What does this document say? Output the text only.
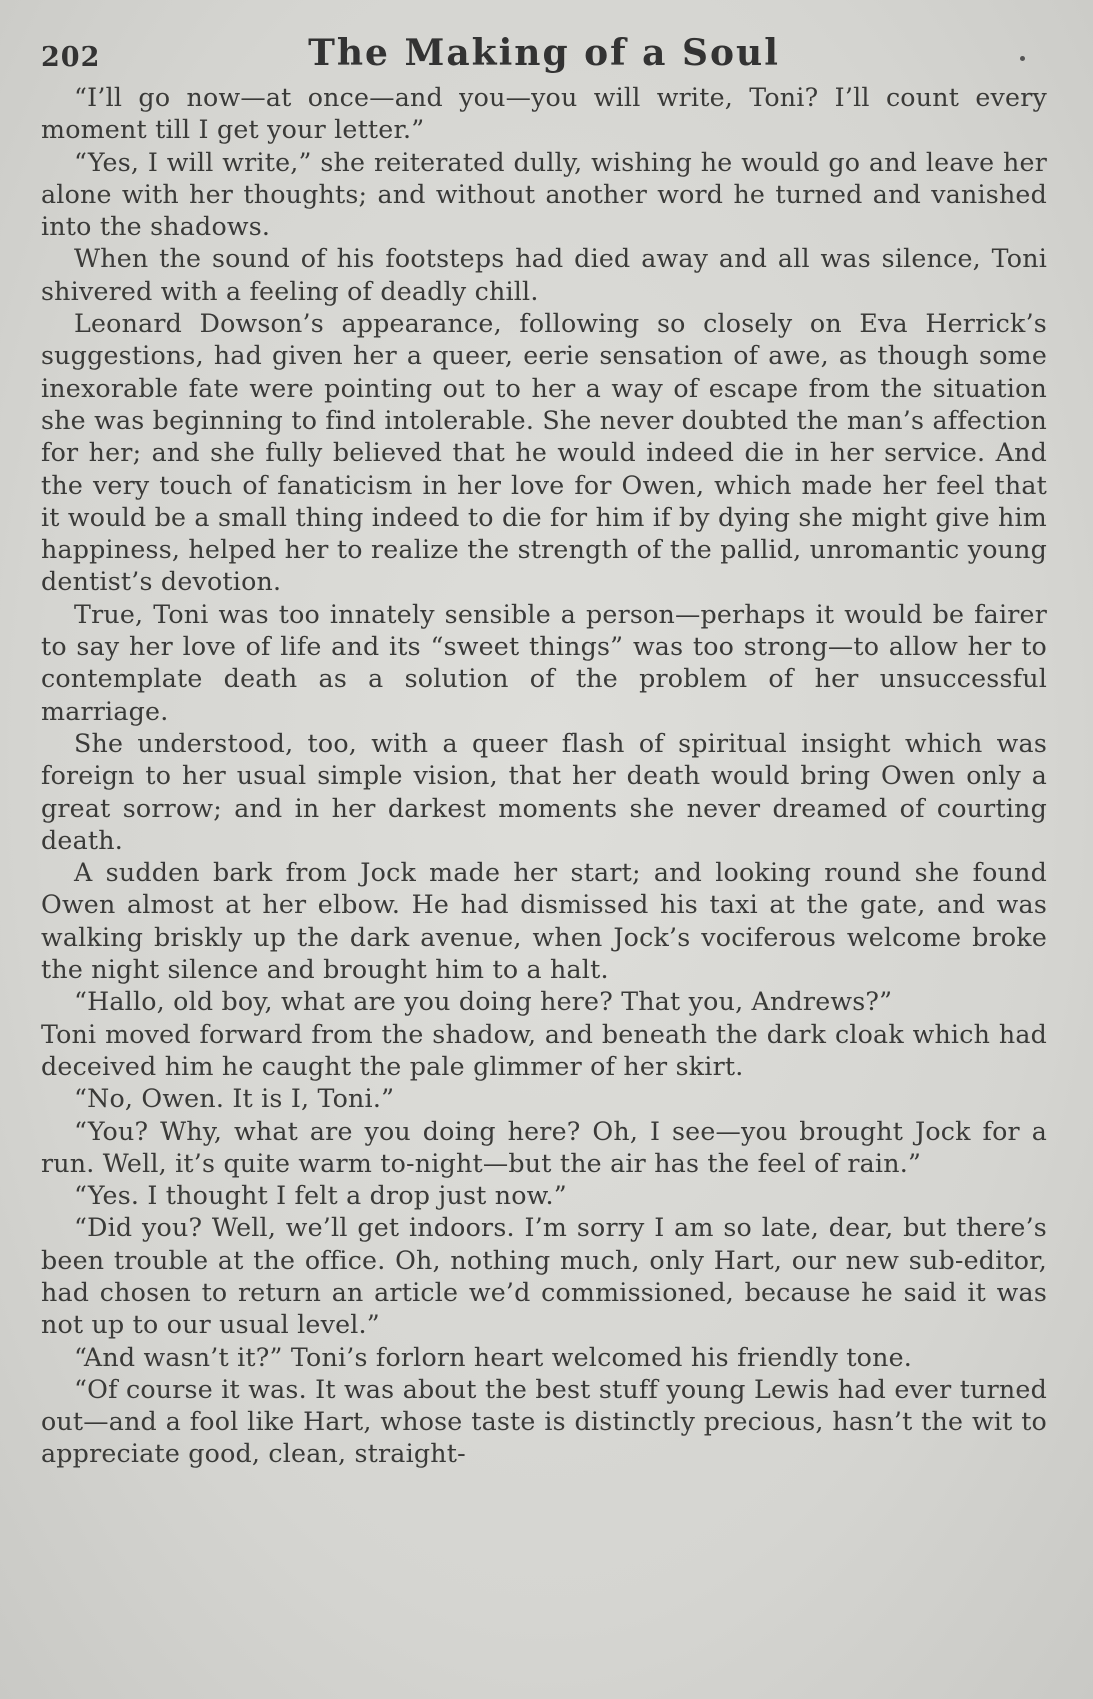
202	The Making of a Soul

“I’ll go now—at once—and you—you will write, Toni? I’ll count every moment till I get your letter.”

“Yes, I will write,” she reiterated dully, wishing he would go and leave her alone with her thoughts; and without another word he turned and vanished into the shadows.

When the sound of his footsteps had died away and all was silence, Toni shivered with a feeling of deadly chill.

Leonard Dowson’s appearance, following so closely on Eva Herrick’s suggestions, had given her a queer, eerie sensation of awe, as though some inexorable fate were pointing out to her a way of escape from the situation she was beginning to find intolerable. She never doubted the man’s affection for her; and she fully believed that he would indeed die in her service. And the very touch of fanaticism in her love for Owen, which made her feel that it would be a small thing indeed to die for him if by dying she might give him happiness, helped her to realize the strength of the pallid, unromantic young dentist’s devotion.

True, Toni was too innately sensible a person—perhaps it would be fairer to say her love of life and its “sweet things” was too strong—to allow her to contemplate death as a solution of the problem of her unsuccessful marriage.

She understood, too, with a queer flash of spiritual insight which was foreign to her usual simple vision, that her death would bring Owen only a great sorrow; and in her darkest moments she never dreamed of courting death.

A sudden bark from Jock made her start; and looking round she found Owen almost at her elbow. He had dismissed his taxi at the gate, and was walking briskly up the dark avenue, when Jock’s vociferous welcome broke the night silence and brought him to a halt.

“Hallo, old boy, what are you doing here? That you, Andrews?”

Toni moved forward from the shadow, and beneath the dark cloak which had deceived him he caught the pale glimmer of her skirt.

“No, Owen. It is I, Toni.”

“You? Why, what are you doing here? Oh, I see—you brought Jock for a run. Well, it’s quite warm to-night—but the air has the feel of rain.”

“Yes. I thought I felt a drop just now.”

“Did you? Well, we’ll get indoors. I’m sorry I am so late, dear, but there’s been trouble at the office. Oh, nothing much, only Hart, our new sub-editor, had chosen to return an article we’d commissioned, because he said it was not up to our usual level.”

“And wasn’t it?” Toni’s forlorn heart welcomed his friendly tone.

“Of course it was. It was about the best stuff young Lewis had ever turned out—and a fool like Hart, whose taste is distinctly precious, hasn’t the wit to appreciate good, clean, straight-
